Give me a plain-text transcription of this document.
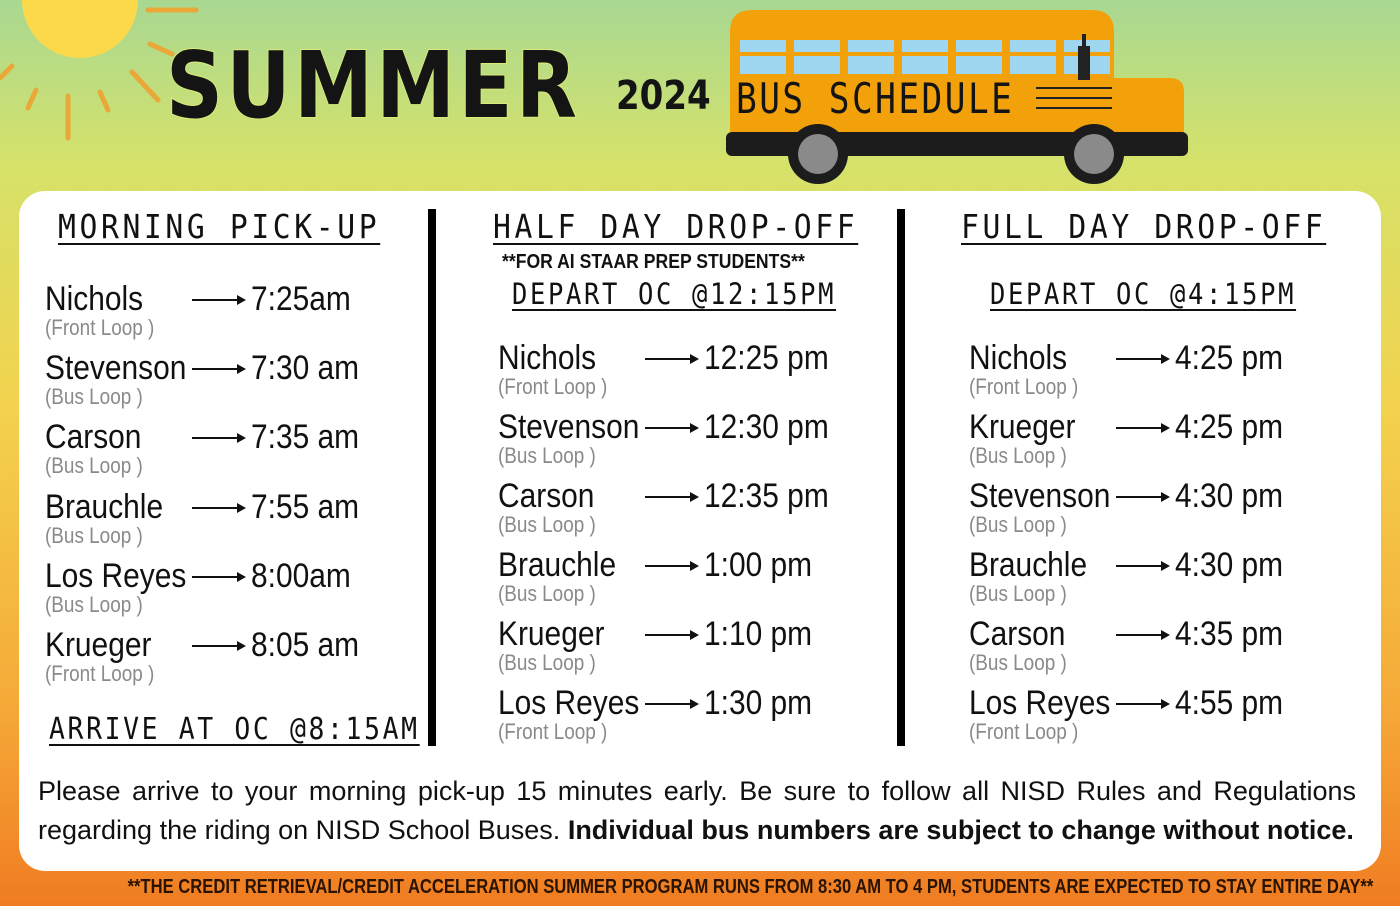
SUMMER 2024 BUS SCHEDULE
MORNING PICK-UP
Nichols	7:25am
(Front Loop )
Stevenson 7:30 am
(Bus Loop )
Carson	7:35 am
(Bus Loop )
Brauchle	7:55 am
(Bus Loop )
Los Reyes 8:00am
(Bus Loop )
Krueger	8:05 am
(Front Loop )
ARRIVE AT OC @8:15AM
HALF DAY DROP-OFF
**FOR AI STAAR PREP STUDENTS**
DEPART OC @12:15PM
Nichols	12:25 pm
(Front Loop )
Stevenson 12:30 pm
(Bus Loop )
Carson	12:35 pm
(Bus Loop )
Brauchle	1:00 pm
(Bus Loop )
Krueger	1:10 pm
(Bus Loop )
Los Reyes 1:30 pm
(Front Loop )
FULL DAY DROP-OFF
DEPART OC @4:15PM
Nichols	4:25 pm
(Front Loop )
Krueger	4:25 pm
(Bus Loop )
Stevenson 4:30 pm
(Bus Loop )
Brauchle	4:30 pm
(Bus Loop )
Carson	4:35 pm
(Bus Loop )
Los Reyes 4:55 pm
(Front Loop )
Please arrive to your morning pick-up 15 minutes early. Be sure to follow all NISD Rules and Regulations regarding the riding on NISD School Buses. Individual bus numbers are subject to change without notice.
**THE CREDIT RETRIEVAL/CREDIT ACCELERATION SUMMER PROGRAM RUNS FROM 8:30 AM TO 4 PM, STUDENTS ARE EXPECTED TO STAY ENTIRE DAY**
